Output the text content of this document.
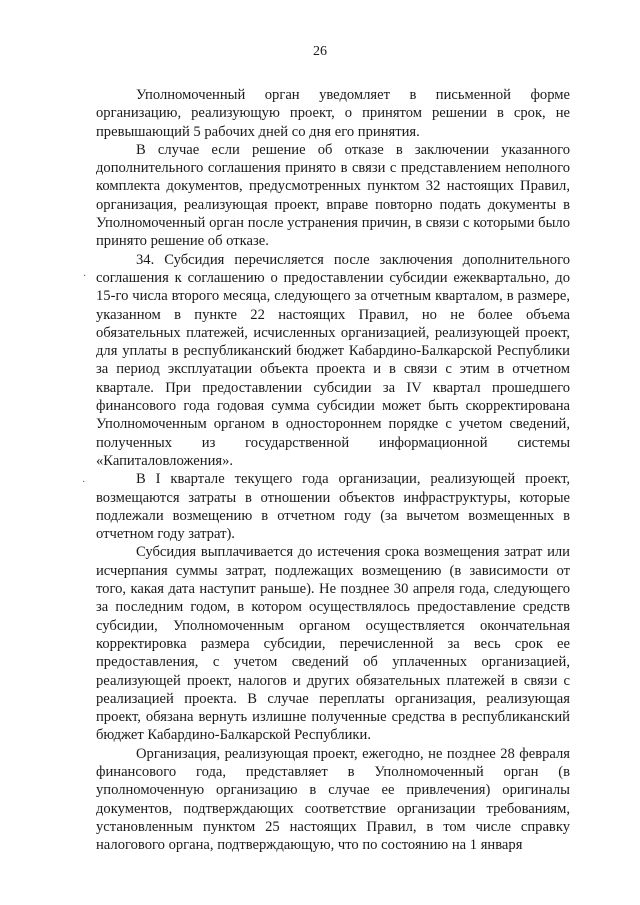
26
·
·

Уполномоченный орган уведомляет в письменной форме организацию, реализующую проект, о принятом решении в срок, не превышающий 5 рабочих дней со дня его принятия.

В случае если решение об отказе в заключении указанного дополнительного соглашения принято в связи с представлением неполного комплекта документов, предусмотренных пунктом 32 настоящих Правил, организация, реализующая проект, вправе повторно подать документы в Уполномоченный орган после устранения причин, в связи с которыми было принято решение об отказе.

34. Субсидия перечисляется после заключения дополнительного соглашения к соглашению о предоставлении субсидии ежеквартально, до 15-го числа второго месяца, следующего за отчетным кварталом, в размере, указанном в пункте 22 настоящих Правил, но не более объема обязательных платежей, исчисленных организацией, реализующей проект, для уплаты в республиканский бюджет Кабардино-Балкарской Республики за период эксплуатации объекта проекта и в связи с этим в отчетном квартале. При предоставлении субсидии за IV квартал прошедшего финансового года годовая сумма субсидии может быть скорректирована Уполномоченным органом в одностороннем порядке с учетом сведений, полученных из государственной информационной системы «Капиталовложения».

В I квартале текущего года организации, реализующей проект, возмещаются затраты в отношении объектов инфраструктуры, которые подлежали возмещению в отчетном году (за вычетом возмещенных в отчетном году затрат).

Субсидия выплачивается до истечения срока возмещения затрат или исчерпания суммы затрат, подлежащих возмещению (в зависимости от того, какая дата наступит раньше). Не позднее 30 апреля года, следующего за последним годом, в котором осуществлялось предоставление средств субсидии, Уполномоченным органом осуществляется окончательная корректировка размера субсидии, перечисленной за весь срок ее предоставления, с учетом сведений об уплаченных организацией, реализующей проект, налогов и других обязательных платежей в связи с реализацией проекта. В случае переплаты организация, реализующая проект, обязана вернуть излишне полученные средства в республиканский бюджет Кабардино-Балкарской Республики.

Организация, реализующая проект, ежегодно, не позднее 28 февраля финансового года, представляет в Уполномоченный орган (в уполномоченную организацию в случае ее привлечения) оригиналы документов, подтверждающих соответствие организации требованиям, установленным пунктом 25 настоящих Правил, в том числе справку налогового органа, подтверждающую, что по состоянию на 1 января
